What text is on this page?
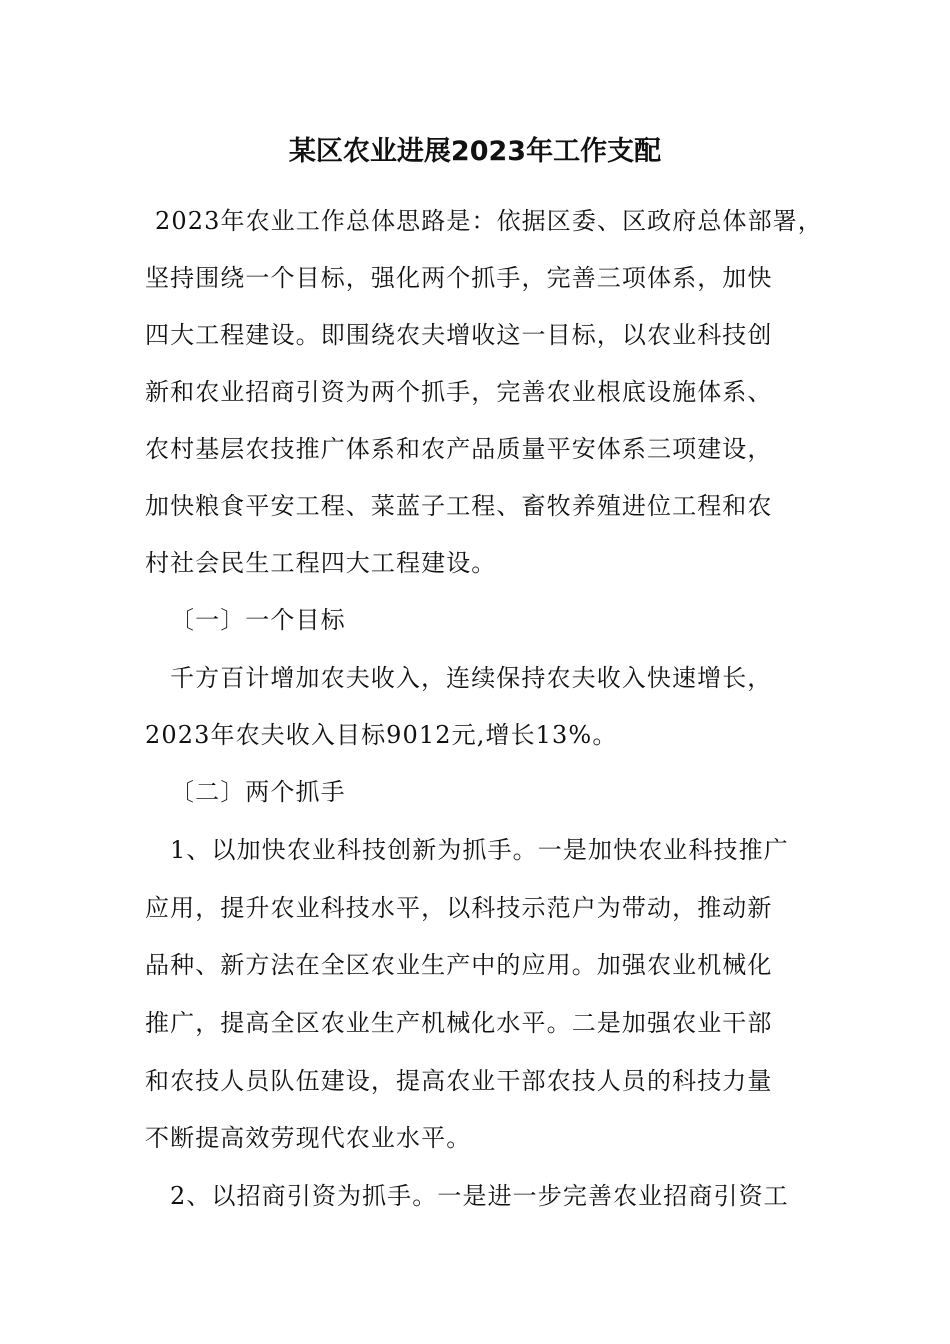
某区农业进展2023年工作支配
2023年农业工作总体思路是：依据区委、区政府总体部署，
坚持围绕一个目标，强化两个抓手，完善三项体系，加快
四大工程建设。即围绕农夫增收这一目标，以农业科技创
新和农业招商引资为两个抓手，完善农业根底设施体系、
农村基层农技推广体系和农产品质量平安体系三项建设，
加快粮食平安工程、菜蓝子工程、畜牧养殖进位工程和农
村社会民生工程四大工程建设。
〔一〕一个目标
千方百计增加农夫收入，连续保持农夫收入快速增长，
2023年农夫收入目标9012元,增长13%。
〔二〕两个抓手
1、以加快农业科技创新为抓手。一是加快农业科技推广
应用，提升农业科技水平，以科技示范户为带动，推动新
品种、新方法在全区农业生产中的应用。加强农业机械化
推广，提高全区农业生产机械化水平。二是加强农业干部
和农技人员队伍建设，提高农业干部农技人员的科技力量
不断提高效劳现代农业水平。
2、以招商引资为抓手。一是进一步完善农业招商引资工
